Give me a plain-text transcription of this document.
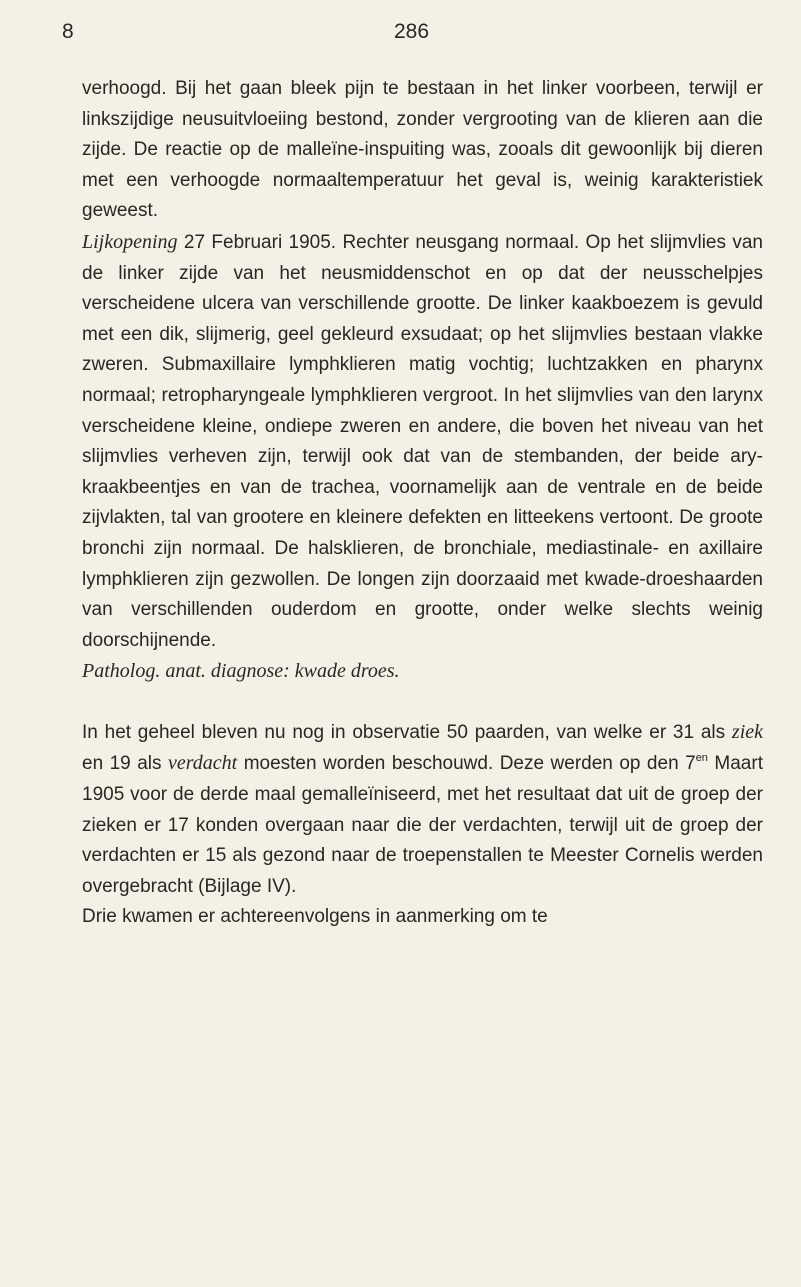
8	286

verhoogd. Bij het gaan bleek pijn te bestaan in het linker voorbeen, terwijl er linkszijdige neusuitvloeiing bestond, zonder vergrooting van de klieren aan die zijde. De reactie op de malleïne-inspuiting was, zooals dit gewoonlijk bij dieren met een verhoogde normaaltemperatuur het geval is, weinig karakteristiek geweest.

Lijkopening 27 Februari 1905. Rechter neusgang normaal. Op het slijmvlies van de linker zijde van het neusmiddenschot en op dat der neusschelpjes verscheidene ulcera van verschillende grootte. De linker kaakboezem is gevuld met een dik, slijmerig, geel gekleurd exsudaat; op het slijmvlies bestaan vlakke zweren. Submaxillaire lymphklieren matig vochtig; luchtzakken en pharynx normaal; retropharyngeale lymphklieren vergroot. In het slijmvlies van den larynx verscheidene kleine, ondiepe zweren en andere, die boven het niveau van het slijmvlies verheven zijn, terwijl ook dat van de stembanden, der beide ary-kraakbeentjes en van de trachea, voornamelijk aan de ventrale en de beide zijvlakten, tal van grootere en kleinere defekten en litteekens vertoont. De groote bronchi zijn normaal. De halsklieren, de bronchiale, mediastinale- en axillaire lymphklieren zijn gezwollen. De longen zijn doorzaaid met kwade-droeshaarden van verschillenden ouderdom en grootte, onder welke slechts weinig doorschijnende.

Patholog. anat. diagnose: kwade droes.

In het geheel bleven nu nog in observatie 50 paarden, van welke er 31 als ziek en 19 als verdacht moesten worden beschouwd. Deze werden op den $7^{en}$ Maart 1905 voor de derde maal gemalleïniseerd, met het resultaat dat uit de groep der zieken er 17 konden overgaan naar die der verdachten, terwijl uit de groep der verdachten er 15 als gezond naar de troepenstallen te Meester Cornelis werden overgebracht (Bijlage IV).

Drie kwamen er achtereenvolgens in aanmerking om te
